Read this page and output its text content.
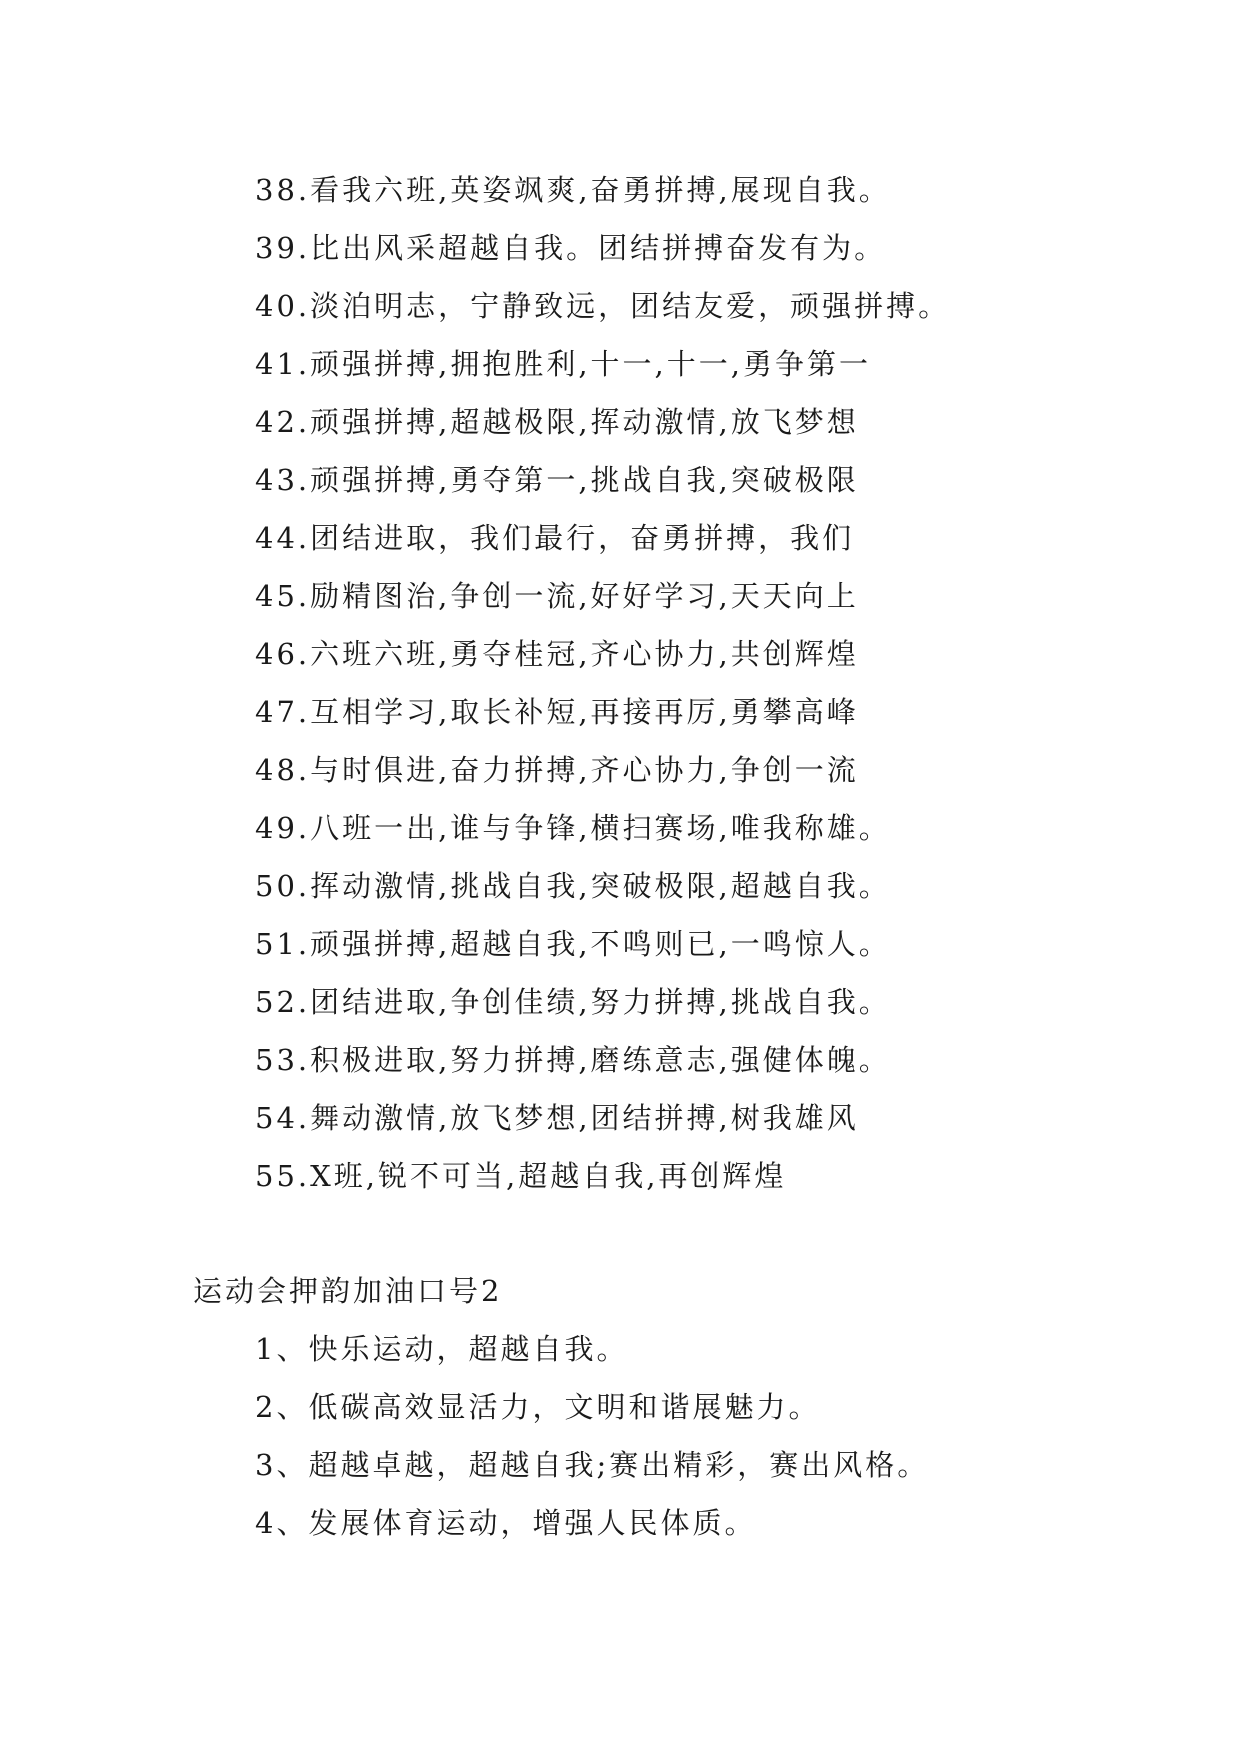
38.看我六班,英姿飒爽,奋勇拼搏,展现自我。
39.比出风采超越自我。团结拼搏奋发有为。
40.淡泊明志，宁静致远，团结友爱，顽强拼搏。
41.顽强拼搏,拥抱胜利,十一,十一,勇争第一
42.顽强拼搏,超越极限,挥动激情,放飞梦想
43.顽强拼搏,勇夺第一,挑战自我,突破极限
44.团结进取，我们最行，奋勇拼搏，我们
45.励精图治,争创一流,好好学习,天天向上
46.六班六班,勇夺桂冠,齐心协力,共创辉煌
47.互相学习,取长补短,再接再厉,勇攀高峰
48.与时俱进,奋力拼搏,齐心协力,争创一流
49.八班一出,谁与争锋,横扫赛场,唯我称雄。
50.挥动激情,挑战自我,突破极限,超越自我。
51.顽强拼搏,超越自我,不鸣则已,一鸣惊人。
52.团结进取,争创佳绩,努力拼搏,挑战自我。
53.积极进取,努力拼搏,磨练意志,强健体魄。
54.舞动激情,放飞梦想,团结拼搏,树我雄风
55.X班,锐不可当,超越自我,再创辉煌
运动会押韵加油口号2
1、快乐运动，超越自我。
2、低碳高效显活力，文明和谐展魅力。
3、超越卓越，超越自我;赛出精彩，赛出风格。
4、发展体育运动，增强人民体质。
